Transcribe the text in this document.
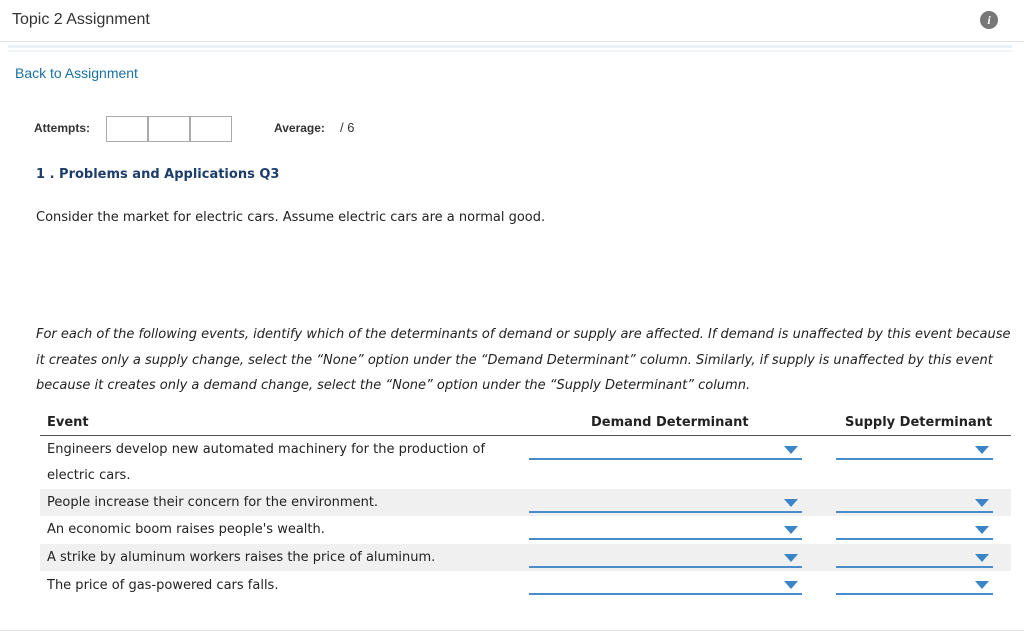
Topic 2 Assignment	i
Back to Assignment
Attempts:	Average: / 6
1 . Problems and Applications Q3
Consider the market for electric cars. Assume electric cars are a normal good.
For each of the following events, identify which of the determinants of demand or supply are affected. If demand is unaffected by this event because it creates only a supply change, select the “None” option under the “Demand Determinant” column. Similarly, if supply is unaffected by this event because it creates only a demand change, select the “None” option under the “Supply Determinant” column.
Event	Demand Determinant	Supply Determinant
Engineers develop new automated machinery for the production of electric cars.
People increase their concern for the environment.
An economic boom raises people's wealth.
A strike by aluminum workers raises the price of aluminum.
The price of gas-powered cars falls.
